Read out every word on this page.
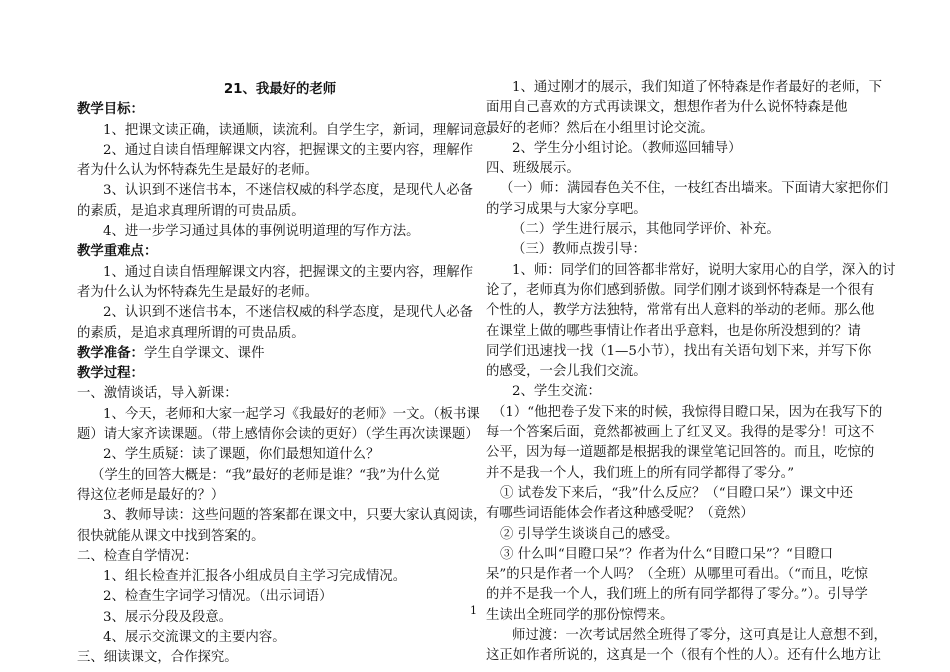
21、我最好的老师
教学目标：
1、把课文读正确，读通顺，读流利。自学生字，新词，理解词意。
2、通过自读自悟理解课文内容，把握课文的主要内容，理解作
者为什么认为怀特森先生是最好的老师。
3、认识到不迷信书本，不迷信权威的科学态度，是现代人必备
的素质，是追求真理所谓的可贵品质。
4、进一步学习通过具体的事例说明道理的写作方法。
教学重难点：
1、通过自读自悟理解课文内容，把握课文的主要内容，理解作
者为什么认为怀特森先生是最好的老师。
2、认识到不迷信书本，不迷信权威的科学态度，是现代人必备
的素质，是追求真理所谓的可贵品质。
教学准备：学生自学课文、课件
教学过程：
一、激情谈话，导入新课：
1、今天，老师和大家一起学习《我最好的老师》一文。（板书课
题）请大家齐读课题。（带上感情你会读的更好）（学生再次读课题）
2、学生质疑：读了课题，你们最想知道什么？
（学生的回答大概是：“我”最好的老师是谁？“我”为什么觉
得这位老师是最好的？）
3、教师导读：这些问题的答案都在课文中，只要大家认真阅读，
很快就能从课文中找到答案的。
二、检查自学情况：
1、组长检查并汇报各小组成员自主学习完成情况。
2、检查生字词学习情况。（出示词语）
3、展示分段及段意。
4、展示交流课文的主要内容。
三、细读课文，合作探究。
1、通过刚才的展示，我们知道了怀特森是作者最好的老师，下
面用自己喜欢的方式再读课文，想想作者为什么说怀特森是他
最好的老师？然后在小组里讨论交流。
2、学生分小组讨论。（教师巡回辅导）
四、班级展示。
（一）师：满园春色关不住，一枝红杏出墙来。下面请大家把你们
的学习成果与大家分享吧。
（二）学生进行展示，其他同学评价、补充。
（三）教师点拨引导：
1、师：同学们的回答都非常好，说明大家用心的自学，深入的讨
论了，老师真为你们感到骄傲。同学们刚才谈到怀特森是一个很有
个性的人，教学方法独特，常常有出人意料的举动的老师。那么他
在课堂上做的哪些事情让作者出乎意料，也是你所没想到的？请
同学们迅速找一找（1—5小节），找出有关语句划下来，并写下你
的感受，一会儿我们交流。
2、学生交流：
（1）“他把卷子发下来的时候，我惊得目瞪口呆，因为在我写下的
每一个答案后面，竟然都被画上了红叉叉。我得的是零分！可这不
公平，因为每一道题都是根据我的课堂笔记回答的。而且，吃惊的
并不是我一个人，我们班上的所有同学都得了零分。”
① 试卷发下来后，“我”什么反应？（“目瞪口呆”）课文中还
有哪些词语能体会作者这种感受呢？（竟然）
② 引导学生谈谈自己的感受。
③ 什么叫“目瞪口呆”？作者为什么“目瞪口呆”？“目瞪口
呆”的只是作者一个人吗？（全班）从哪里可看出。（“而且，吃惊
的并不是我一个人，我们班上的所有同学都得了零分。”）。引导学
生读出全班同学的那份惊愕来。
师过渡：一次考试居然全班得了零分，这可真是让人意想不到，
这正如作者所说的，这真是一个（很有个性的人）。还有什么地方让
1
